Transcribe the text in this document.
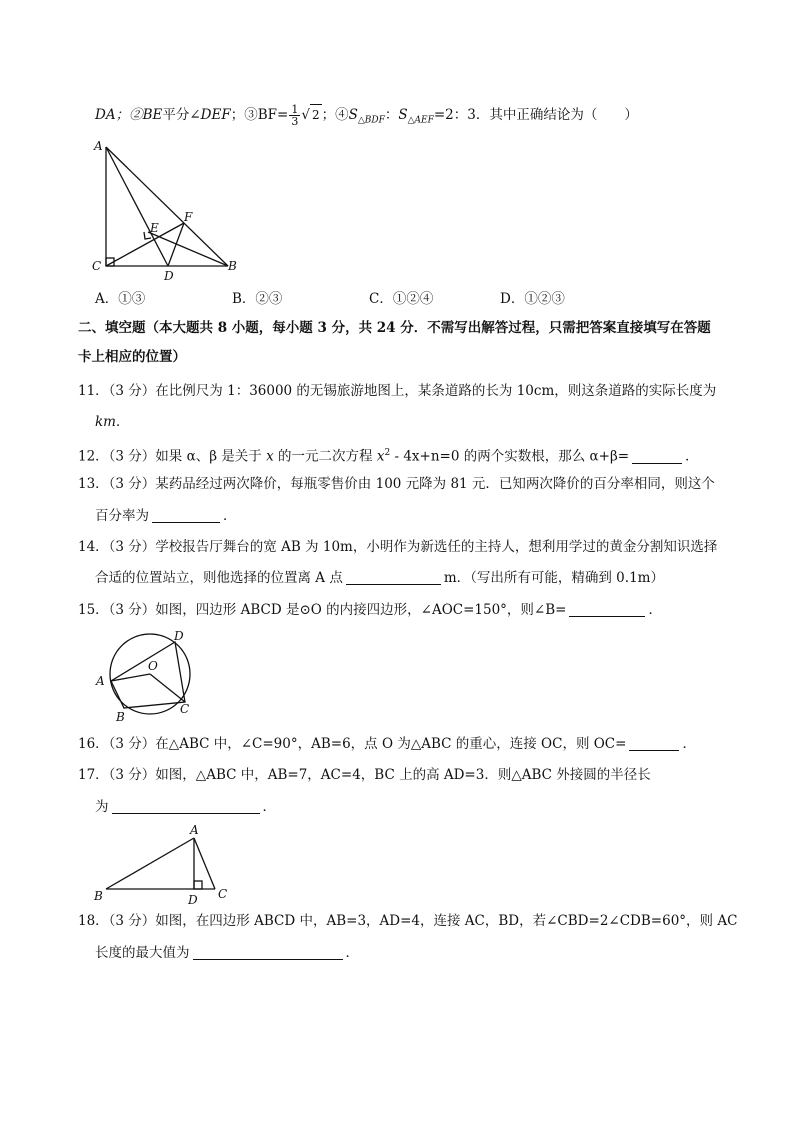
DA；②BE平分∠DEF；③BF= $\frac{1}{3}$ √ 2 ；$④S_{\triangle BDF}$：$S_{\triangle AEF}=2$：3．其中正确结论为（　　）
A
C
D
B
E
F
A．①③	B．②③	C．①②④	D．①②③
二、填空题（本大题共 8 小题，每小题 3 分，共 24 分．不需写出解答过程，只需把答案直接填写在答题
卡上相应的位置）
11．（3 分）在比例尺为 1：36000 的无锡旅游地图上，某条道路的长为 10cm，则这条道路的实际长度为
km．
12．（3 分）如果 α、β 是关于 x 的一元二次方程 $x^2 - 4x+n=0$ 的两个实数根，那么 α+β=	．
13．（3 分）某药品经过两次降价，每瓶零售价由 100 元降为 81 元．已知两次降价的百分率相同，则这个
百分率为	．
14．（3 分）学校报告厅舞台的宽 AB 为 10m，小明作为新选任的主持人，想利用学过的黄金分割知识选择
合适的位置站立，则他选择的位置离 A 点	m．（写出所有可能，精确到 0.1m）
15．（3 分）如图，四边形 ABCD 是⊙O 的内接四边形，∠AOC=150°，则∠B=	．
A
B
C
D
O
16．（3 分）在△ABC 中，∠C=90°，AB=6，点 O 为△ABC 的重心，连接 OC，则 OC=	．
17．（3 分）如图，△ABC 中，AB=7，AC=4，BC 上的高 AD=3．则△ABC 外接圆的半径长
为	．
A
B	D C
18．（3 分）如图，在四边形 ABCD 中，AB=3，AD=4，连接 AC，BD，若∠CBD=2∠CDB=60°，则 AC
长度的最大值为	．
